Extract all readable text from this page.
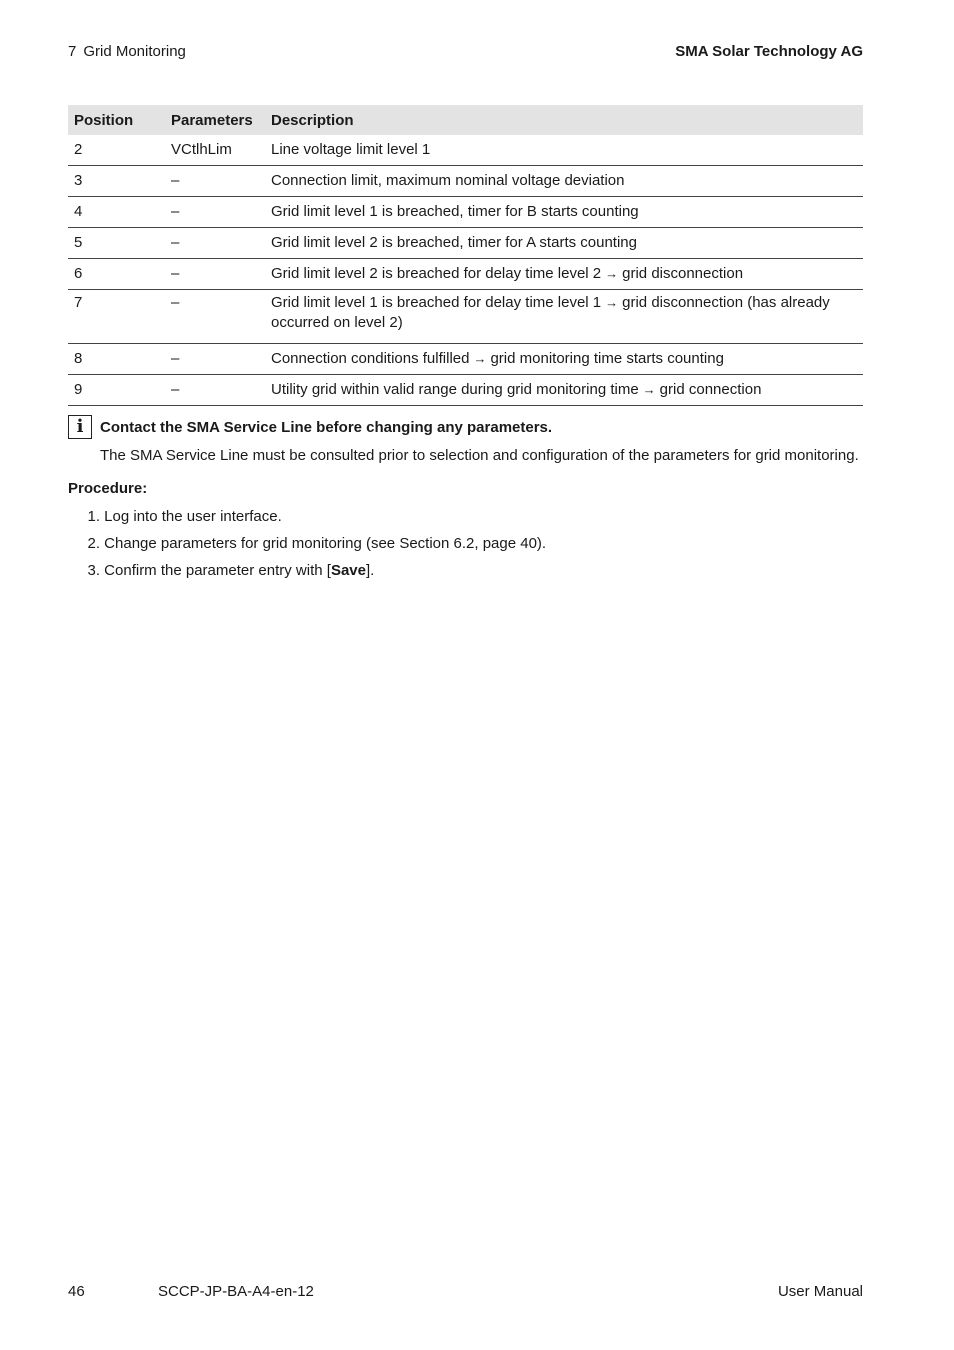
7 Grid Monitoring	SMA Solar Technology AG
Position	Parameters	Description
2	VCtlhLim	Line voltage limit level 1
3	–	Connection limit, maximum nominal voltage deviation
4	–	Grid limit level 1 is breached, timer for B starts counting
5	–	Grid limit level 2 is breached, timer for A starts counting
6	–	Grid limit level 2 is breached for delay time level 2 → grid disconnection
7	–	Grid limit level 1 is breached for delay time level 1 → grid disconnection (has already occurred on level 2)
8	–	Connection conditions fulfilled → grid monitoring time starts counting
9	–	Utility grid within valid range during grid monitoring time → grid connection
i	Contact the SMA Service Line before changing any parameters.
The SMA Service Line must be consulted prior to selection and configuration of the parameters for grid monitoring.
Procedure:
1. Log into the user interface.
2. Change parameters for grid monitoring (see Section 6.2, page 40).
3. Confirm the parameter entry with [Save].
46	SCCP-JP-BA-A4-en-12	User Manual
